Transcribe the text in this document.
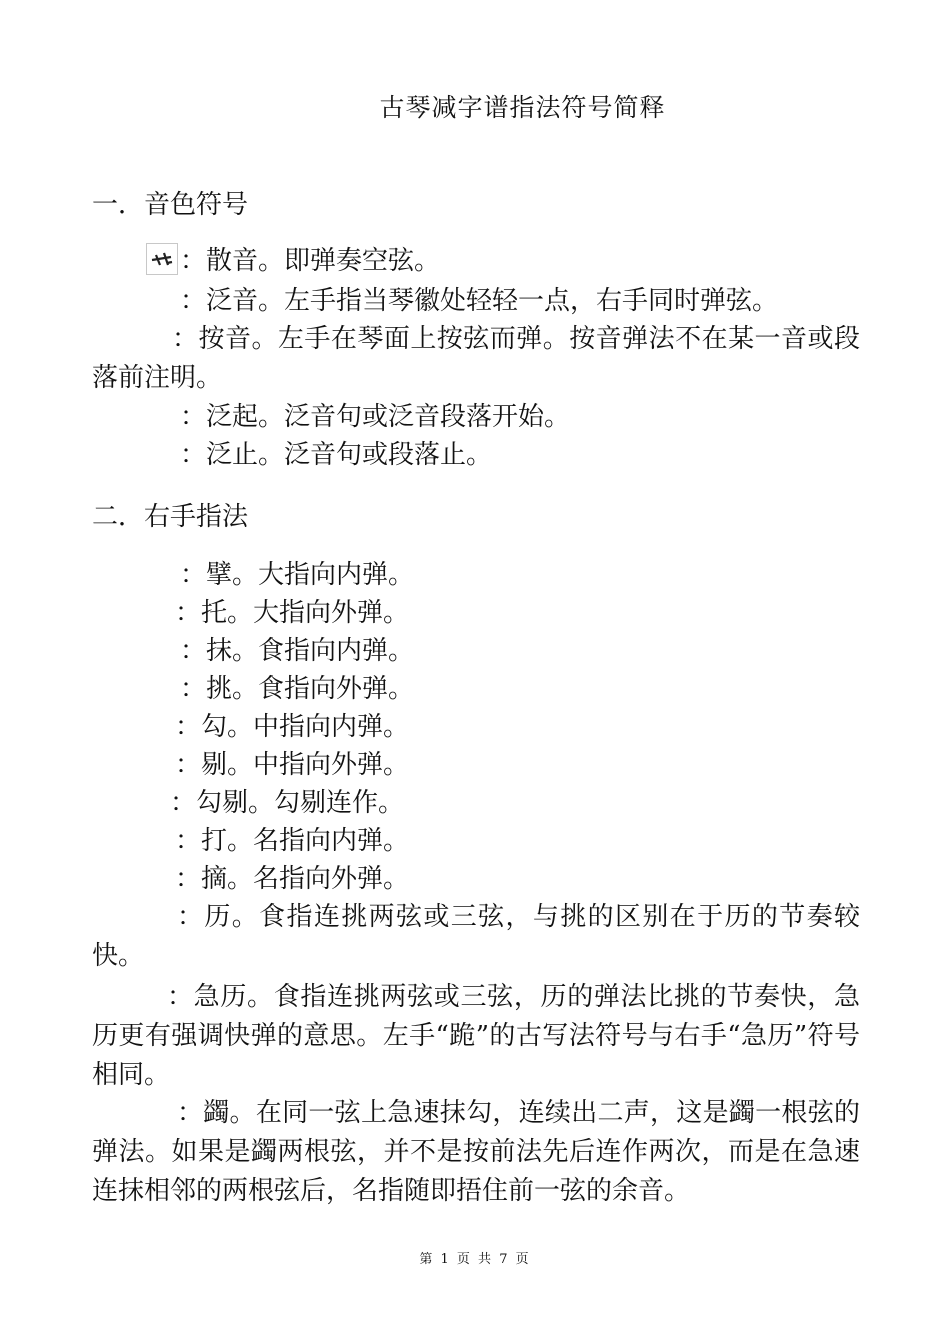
古琴减字谱指法符号简释
一．音色符号
：散音。即弹奏空弦。
：泛音。左手指当琴徽处轻轻一点，右手同时弹弦。
：按音。左手在琴面上按弦而弹。按音弹法不在某一音或段落前注明。
：泛起。泛音句或泛音段落开始。
：泛止。泛音句或段落止。
二．右手指法
：擘。大指向内弹。
：托。大指向外弹。
：抹。食指向内弹。
：挑。食指向外弹。
：勾。中指向内弹。
：剔。中指向外弹。
：勾剔。勾剔连作。
：打。名指向内弹。
：摘。名指向外弹。
：历。食指连挑两弦或三弦，与挑的区别在于历的节奏较快。
：急历。食指连挑两弦或三弦，历的弹法比挑的节奏快，急历更有强调快弹的意思。左手“跪”的古写法符号与右手“急历”符号相同。
：蠲。在同一弦上急速抹勾，连续出二声，这是蠲一根弦的弹法。如果是蠲两根弦，并不是按前法先后连作两次，而是在急速连抹相邻的两根弦后，名指随即捂住前一弦的余音。
第 1 页 共 7 页
